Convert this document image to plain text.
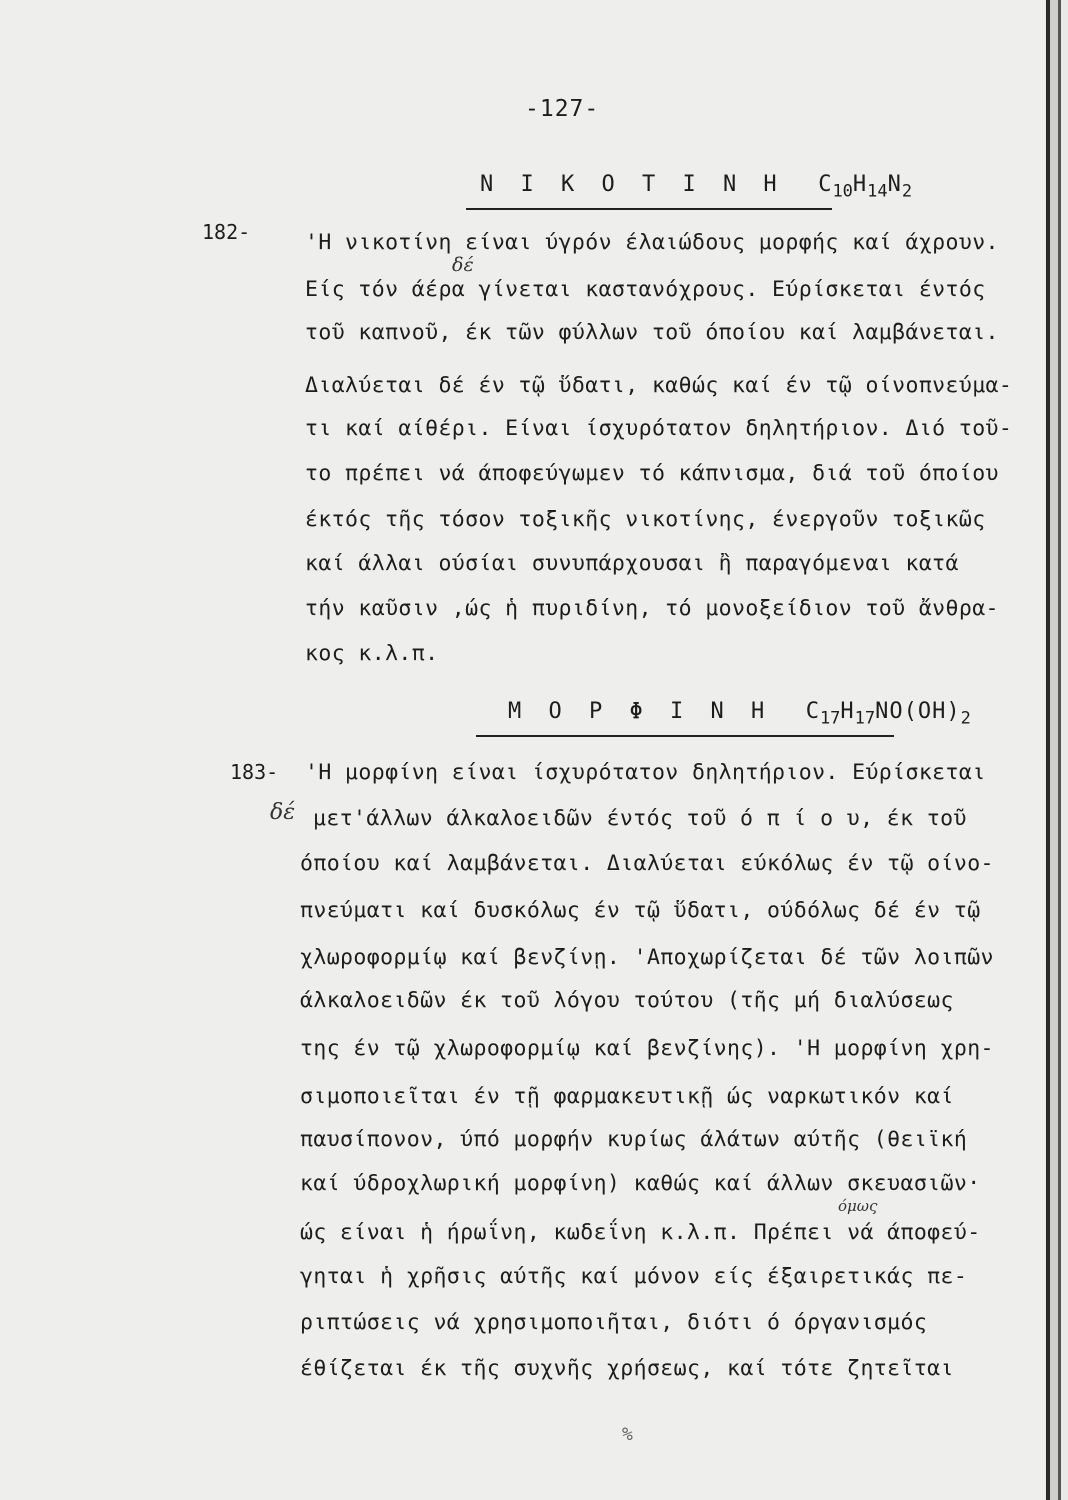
-127-
N I K O T I N H $C_{10}H_{14}N_2$
182-	'Η νικοτίνη είναι ύγρόν έλαιώδους μορφής καί άχρουν.
Είς τόν άέρα γίνεται καστανόχρους. Εύρίσκεται έντός
τοῦ καπνοῦ, έκ τῶν φύλλων τοῦ όποίου καί λαμβάνεται.
Διαλύεται δέ έν τῷ ὕδατι, καθώς καί έν τῷ οίνοπνεύμα-
τι καί αίθέρι. Είναι ίσχυρότατον δηλητήριον. Διό τοῦ-
το πρέπει νά άποφεύγωμεν τό κάπνισμα, διά τοῦ όποίου
έκτός τῆς τόσον τοξικῆς νικοτίνης, ένεργοῦν τοξικῶς
καί άλλαι ούσίαι συνυπάρχουσαι ἢ παραγόμεναι κατά
τήν καῦσιν ,ώς ἡ πυριδίνη, τό μονοξείδιον τοῦ ἄνθρα-
κος κ.λ.π.
δέ
M O P Φ I N H $C_{17}H_{17}NO(OH)_2$
183- 'Η μορφίνη είναι ίσχυρότατον δηλητήριον. Εύρίσκεται
μετ'άλλων άλκαλοειδῶν έντός τοῦ ό π ί ο υ, έκ τοῦ
όποίου καί λαμβάνεται. Διαλύεται εύκόλως έν τῷ οίνο-
πνεύματι καί δυσκόλως έν τῷ ὕδατι, ούδόλως δέ έν τῷ
χλωροφορμίῳ καί βενζίνῃ. 'Αποχωρίζεται δέ τῶν λοιπῶν
άλκαλοειδῶν έκ τοῦ λόγου τούτου (τῆς μή διαλύσεως
της έν τῷ χλωροφορμίῳ καί βενζίνης). 'Η μορφίνη χρη-
σιμοποιεῖται έν τῇ φαρμακευτικῇ ώς ναρκωτικόν καί
παυσίπονον, ύπό μορφήν κυρίως άλάτων αύτῆς (θειϊκή
καί ύδροχλωρική μορφίνη) καθώς καί άλλων σκευασιῶν·
ώς είναι ἡ ήρωΐνη, κωδεΐνη κ.λ.π. Πρέπει νά άποφεύ-
γηται ἡ χρῆσις αύτῆς καί μόνον είς έξαιρετικάς πε-
ριπτώσεις νά χρησιμοποιῆται, διότι ό όργανισμός
έθίζεται έκ τῆς συχνῆς χρήσεως, καί τότε ζητεῖται
δέ
όμως
%
